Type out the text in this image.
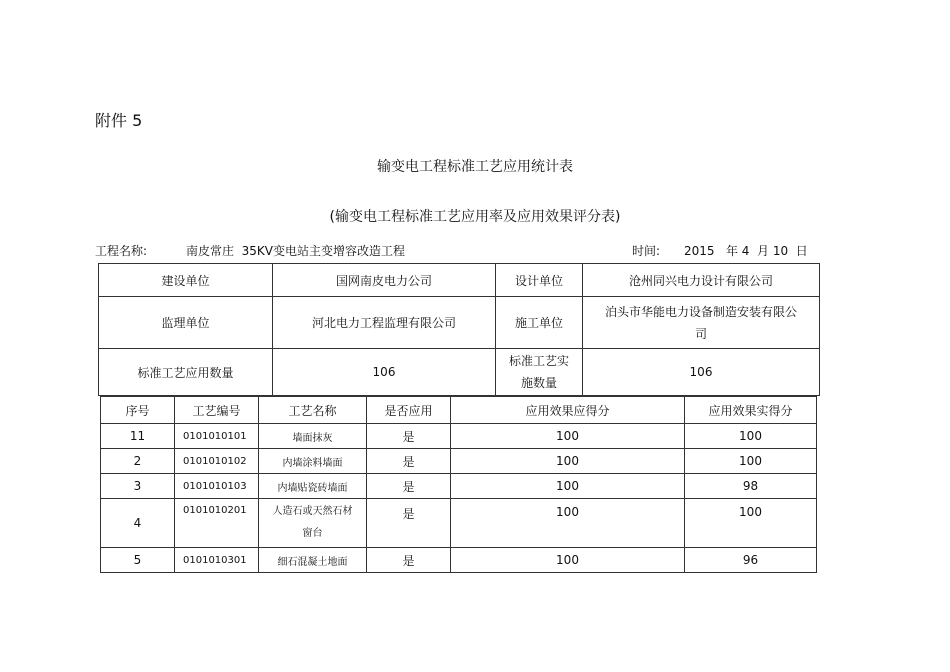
附件 5
输变电工程标准工艺应用统计表
(输变电工程标准工艺应用率及应用效果评分表)
工程名称:	南皮常庄  35KV变电站主变增容改造工程	时间: 2015   年 4  月 10  日
建设单位	国网南皮电力公司	设计单位	沧州同兴电力设计有限公司
监理单位	河北电力工程监理有限公司	施工单位	泊头市华能电力设备制造安装有限公
司

标准工艺应用数量	106	标准工艺实
施数量	106
序号	工艺编号	工艺名称	是否应用	应用效果应得分	应用效果实得分
11	0101010101	墙面抹灰	是	100	100
2	0101010102	内墙涂料墙面	是	100	100
3	0101010103	内墙贴瓷砖墙面	是	100	98
4	0101010201	人造石或天然石材
窗台	是	100	100
5	0101010301	细石混凝土地面	是	100	96
